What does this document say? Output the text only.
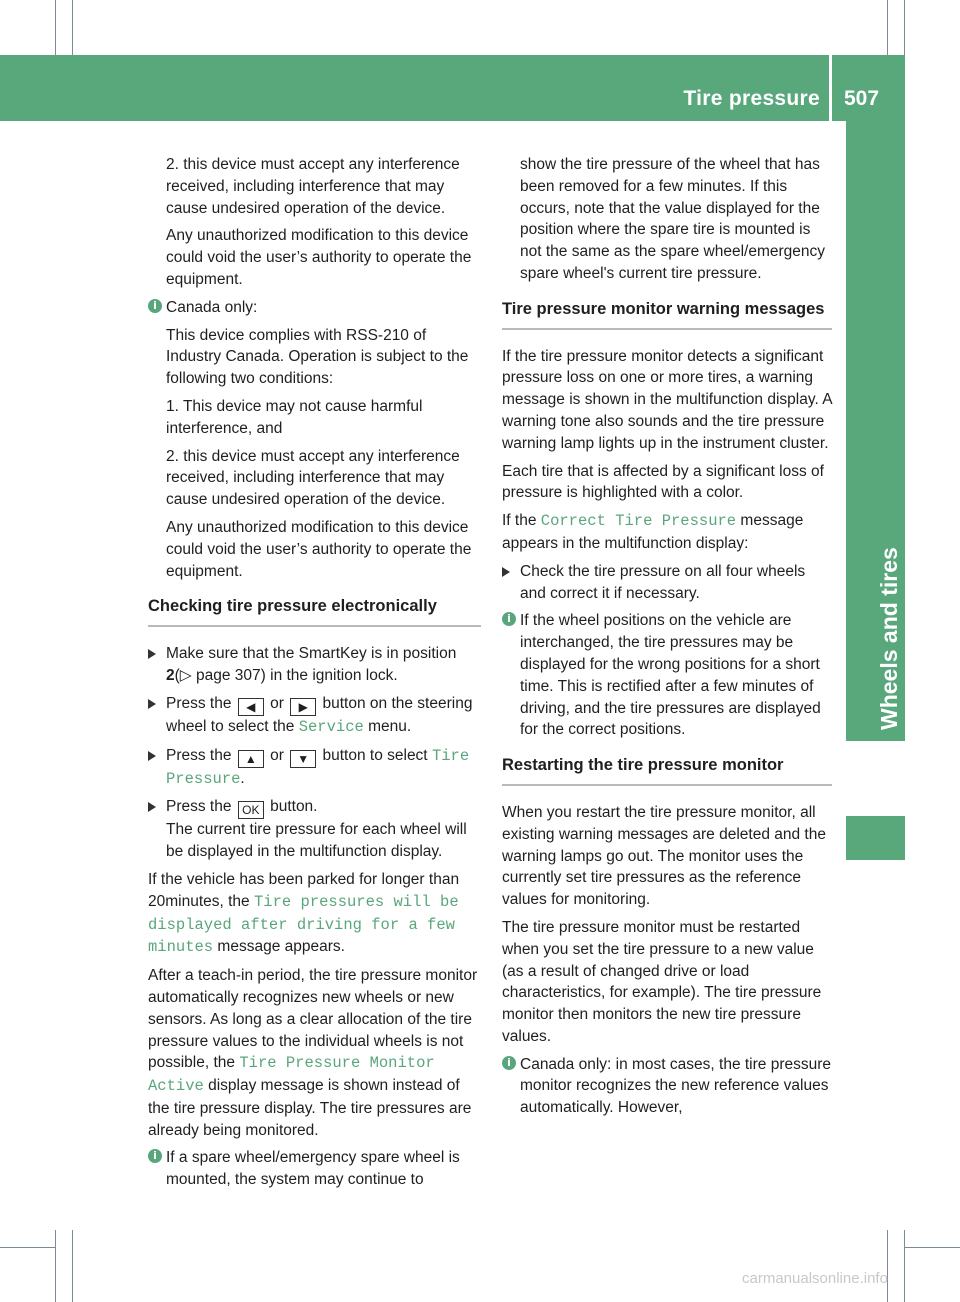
Tire pressure 507
Wheels and tires

2. this device must accept any interference received, including interference that may cause undesired operation of the device.

Any unauthorized modification to this device could void the user’s authority to operate the equipment.

i Canada only:

This device complies with RSS-210 of Industry Canada. Operation is subject to the following two conditions:

1. This device may not cause harmful interference, and

2. this device must accept any interference received, including interference that may cause undesired operation of the device.

Any unauthorized modification to this device could void the user’s authority to operate the equipment.

Checking tire pressure electronically
Make sure that the SmartKey is in position 2(▷ page 307) in the ignition lock.
Press the ◀ or ▶ button on the steering wheel to select the Service menu.
Press the ▲ or ▼ button to select Tire Pressure.
Press the OK button.
The current tire pressure for each wheel will be displayed in the multifunction display.

If the vehicle has been parked for longer than 20minutes, the Tire pressures will be displayed after driving for a few minutes message appears.

After a teach-in period, the tire pressure monitor automatically recognizes new wheels or new sensors. As long as a clear allocation of the tire pressure values to the individual wheels is not possible, the Tire Pressure Monitor Active display message is shown instead of the tire pressure display. The tire pressures are already being monitored.

i If a spare wheel/emergency spare wheel is mounted, the system may continue to

show the tire pressure of the wheel that has been removed for a few minutes. If this occurs, note that the value displayed for the position where the spare tire is mounted is not the same as the spare wheel/emergency spare wheel's current tire pressure.

Tire pressure monitor warning messages

If the tire pressure monitor detects a significant pressure loss on one or more tires, a warning message is shown in the multifunction display. A warning tone also sounds and the tire pressure warning lamp lights up in the instrument cluster.

Each tire that is affected by a significant loss of pressure is highlighted with a color.

If the Correct Tire Pressure message appears in the multifunction display:

Check the tire pressure on all four wheels and correct it if necessary.
i If the wheel positions on the vehicle are interchanged, the tire pressures may be displayed for the wrong positions for a short time. This is rectified after a few minutes of driving, and the tire pressures are displayed for the correct positions.

Restarting the tire pressure monitor

When you restart the tire pressure monitor, all existing warning messages are deleted and the warning lamps go out. The monitor uses the currently set tire pressures as the reference values for monitoring.

The tire pressure monitor must be restarted when you set the tire pressure to a new value (as a result of changed drive or load characteristics, for example). The tire pressure monitor then monitors the new tire pressure values.

i Canada only: in most cases, the tire pressure monitor recognizes the new reference values automatically. However,

carmanualsonline.info
